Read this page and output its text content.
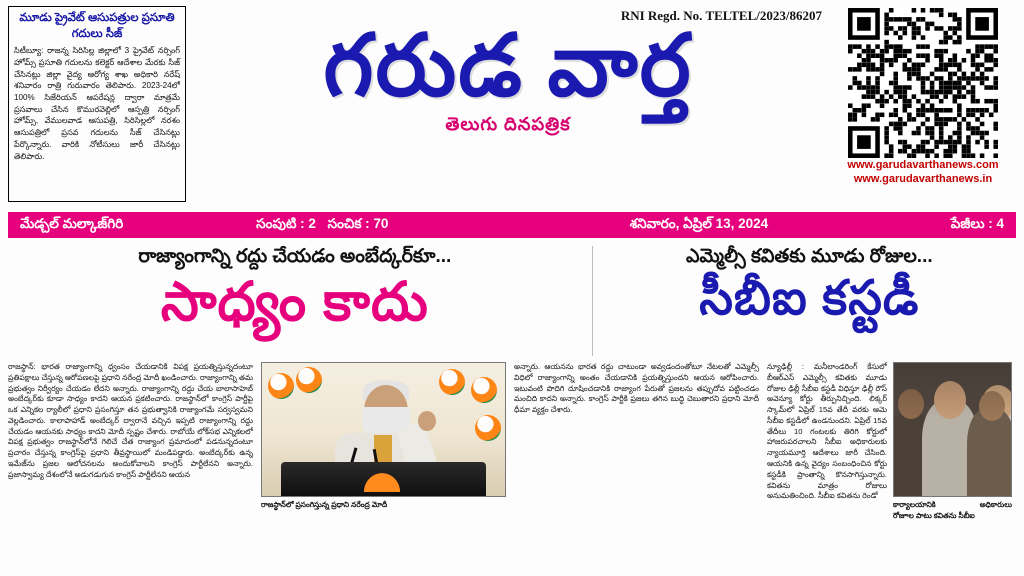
మూడు ప్రైవేట్ ఆసుపత్రుల ప్రసూతి గదులు సీజ్
సిటీబ్యూ: రాజన్న సిరిసిల్ల జిల్లాలో 3 ప్రైవేట్ నర్సింగ్ హోమ్స్ ప్రసూతి గదులను కలెక్టర్ ఆదేశాల మేరకు సీజ్ చేసినట్లు జిల్లా వైద్య ఆరోగ్య శాఖ అధికారి నరేష్ శనివారం రాత్రి గురువారం తెలిపారు. 2023-24లో 100% సిజేరియన్ ఆపరేషన్ల ద్వారా మాత్రమే ప్రసవాలు చేసిన కొమురవెల్లిలో ఆస్పత్రి నర్సింగ్ హోమ్స్, వేములవాడ ఆసుపత్రి, సిరిసిల్లలో నరశం ఆసుపత్రిలో ప్రసవ గదులను సీజ్ చేసినట్లు పేర్కొన్నారు. వారికి నోటీసులు జారీ చేసినట్లు తెలిపారు.
RNI Regd. No. TELTEL/2023/86207
గరుడ వార్త
తెలుగు దినపత్రిక
www.garudavarthanews.com
www.garudavarthanews.in
మేడ్చల్ మల్కాజ్‌గిరి	సంపుటి : 2 సంచిక : 70	శనివారం, ఏప్రిల్ 13, 2024	పేజీలు : 4
రాజ్యాంగాన్ని రద్దు చేయడం అంబేద్కర్‌కూ...
సాధ్యం కాదు
ఎమ్మెల్సీ కవితకు మూడు రోజుల...
సీబీఐ కస్టడీ
రాజస్థాన్: భారత రాజ్యాంగాన్ని ధ్వంసం చేయడానికి విపక్ష ప్రయత్నిస్తున్నదంటూ ప్రతిపక్షాలు చేస్తున్న ఆరోపణలపై ప్రధాని నరేంద్ర మోదీ ఖండించారు. రాజ్యాంగాన్ని తమ ప్రభుత్వం నిర్వీర్యం చేయడం లేదని అన్నారు. రాజ్యాంగాన్ని రద్దు చేయ బాలాసాహెబ్ అంబేద్కర్‌కు కూడా సాధ్యం కాదని ఆయన ప్రకటించారు. రాజస్థాన్‌లో కాంగ్రెస్ పార్టీపై ఒక ఎన్నికల ర్యాలీలో ప్రధాని ప్రసంగిస్తూ తన ప్రభుత్వానికి రాజ్యాంగమే సర్వస్వమని వెల్లడించారు. కాలాపాహాడ్ అంబేద్కర్ ద్వారానే వచ్చిన ఇప్పటి రాజ్యాంగాన్ని రద్దు చేయడం ఆయనకు సాధ్యం కాదని మోదీ స్పష్టం చేశారు. రాబోయే లోక్‌సభ ఎన్నికలలో విపక్ష ప్రభుత్వం రాజస్థాన్‌లోనే గెలిచే చేత రాజ్యాంగ ప్రమాదంలో పడనున్నదంటూ ప్రచారం చేస్తున్న కాంగ్రెస్‌పై ప్రధాని తీవ్రస్థాయిలో మండిపడ్డారు. అంబేద్కర్‌కు ఉన్న ఇమేజ్‌ను ప్రజల ఆలోచనలను అందుకోవాలని కాంగ్రెస్ పార్టీలేనని అన్నారు. ప్రజాస్వామ్య దేశంలోనే అడుగడుగున కాంగ్రెస్ పార్టీలేనని ఆయన
రాజస్థాన్‌లో ప్రసంగిస్తున్న ప్రధాని నరేంద్ర మోదీ
అన్నారు. ఆయనను భారత రద్దు చాటుండా అవ్వడందంతోటూ నేటలతో ఎమ్మెల్సీ విధిలో రాజ్యాంగాన్ని అంతం చేయడానికి ప్రయత్నిస్తుందని ఆయన ఆరోపించారు. ఇటువంటి పొదిగి దూషించడానికి రాజ్యాంగ పేరుతో ప్రజలను తప్పుదోవ పట్టించడం మంచిది కాదని అన్నారు. కాంగ్రెస్ పార్టీకి ప్రజలు తగిన బుద్ధి చెబుతారని ప్రధాని మోదీ ధీమా వ్యక్తం చేశారు.
న్యూఢిల్లీ : మనీలాండరింగ్ కేసులో బీఆర్ఎస్ ఎమ్మెల్సీ కవితకు మూడు రోజుల ఢిల్లీ సీబీఐ కస్టడీ విధిస్తూ ఢిల్లీ రౌస్ అవెన్యూ కోర్టు తీర్పునిచ్చింది. లిక్కర్ స్కామ్‌లో ఏప్రిల్ 15వ తేదీ వరకు ఆమె సీబీఐ కస్టడీలో ఉండనుందని. ఏప్రిల్ 15వ తేదీలు 10 గంటలకు తిరిగి కోర్టులో హాజరుపరచాలని సీబీఐ అధికారులకు న్యాయమూర్తి ఆదేశాలు జారీ చేసింది. ఆయనికి ఉన్న వైద్యం సంబంధించిన కోర్టు కస్టడీకి ప్రాంతాన్ని కొనసాగిస్తున్నారు. కవితను మాత్రం రోజులు అనుమతించింది. సీబీఐ కవితను రెండో
కార్యాలయానికి	అధికారులు
రోజూల పాటు కవితను సీబీఐ
